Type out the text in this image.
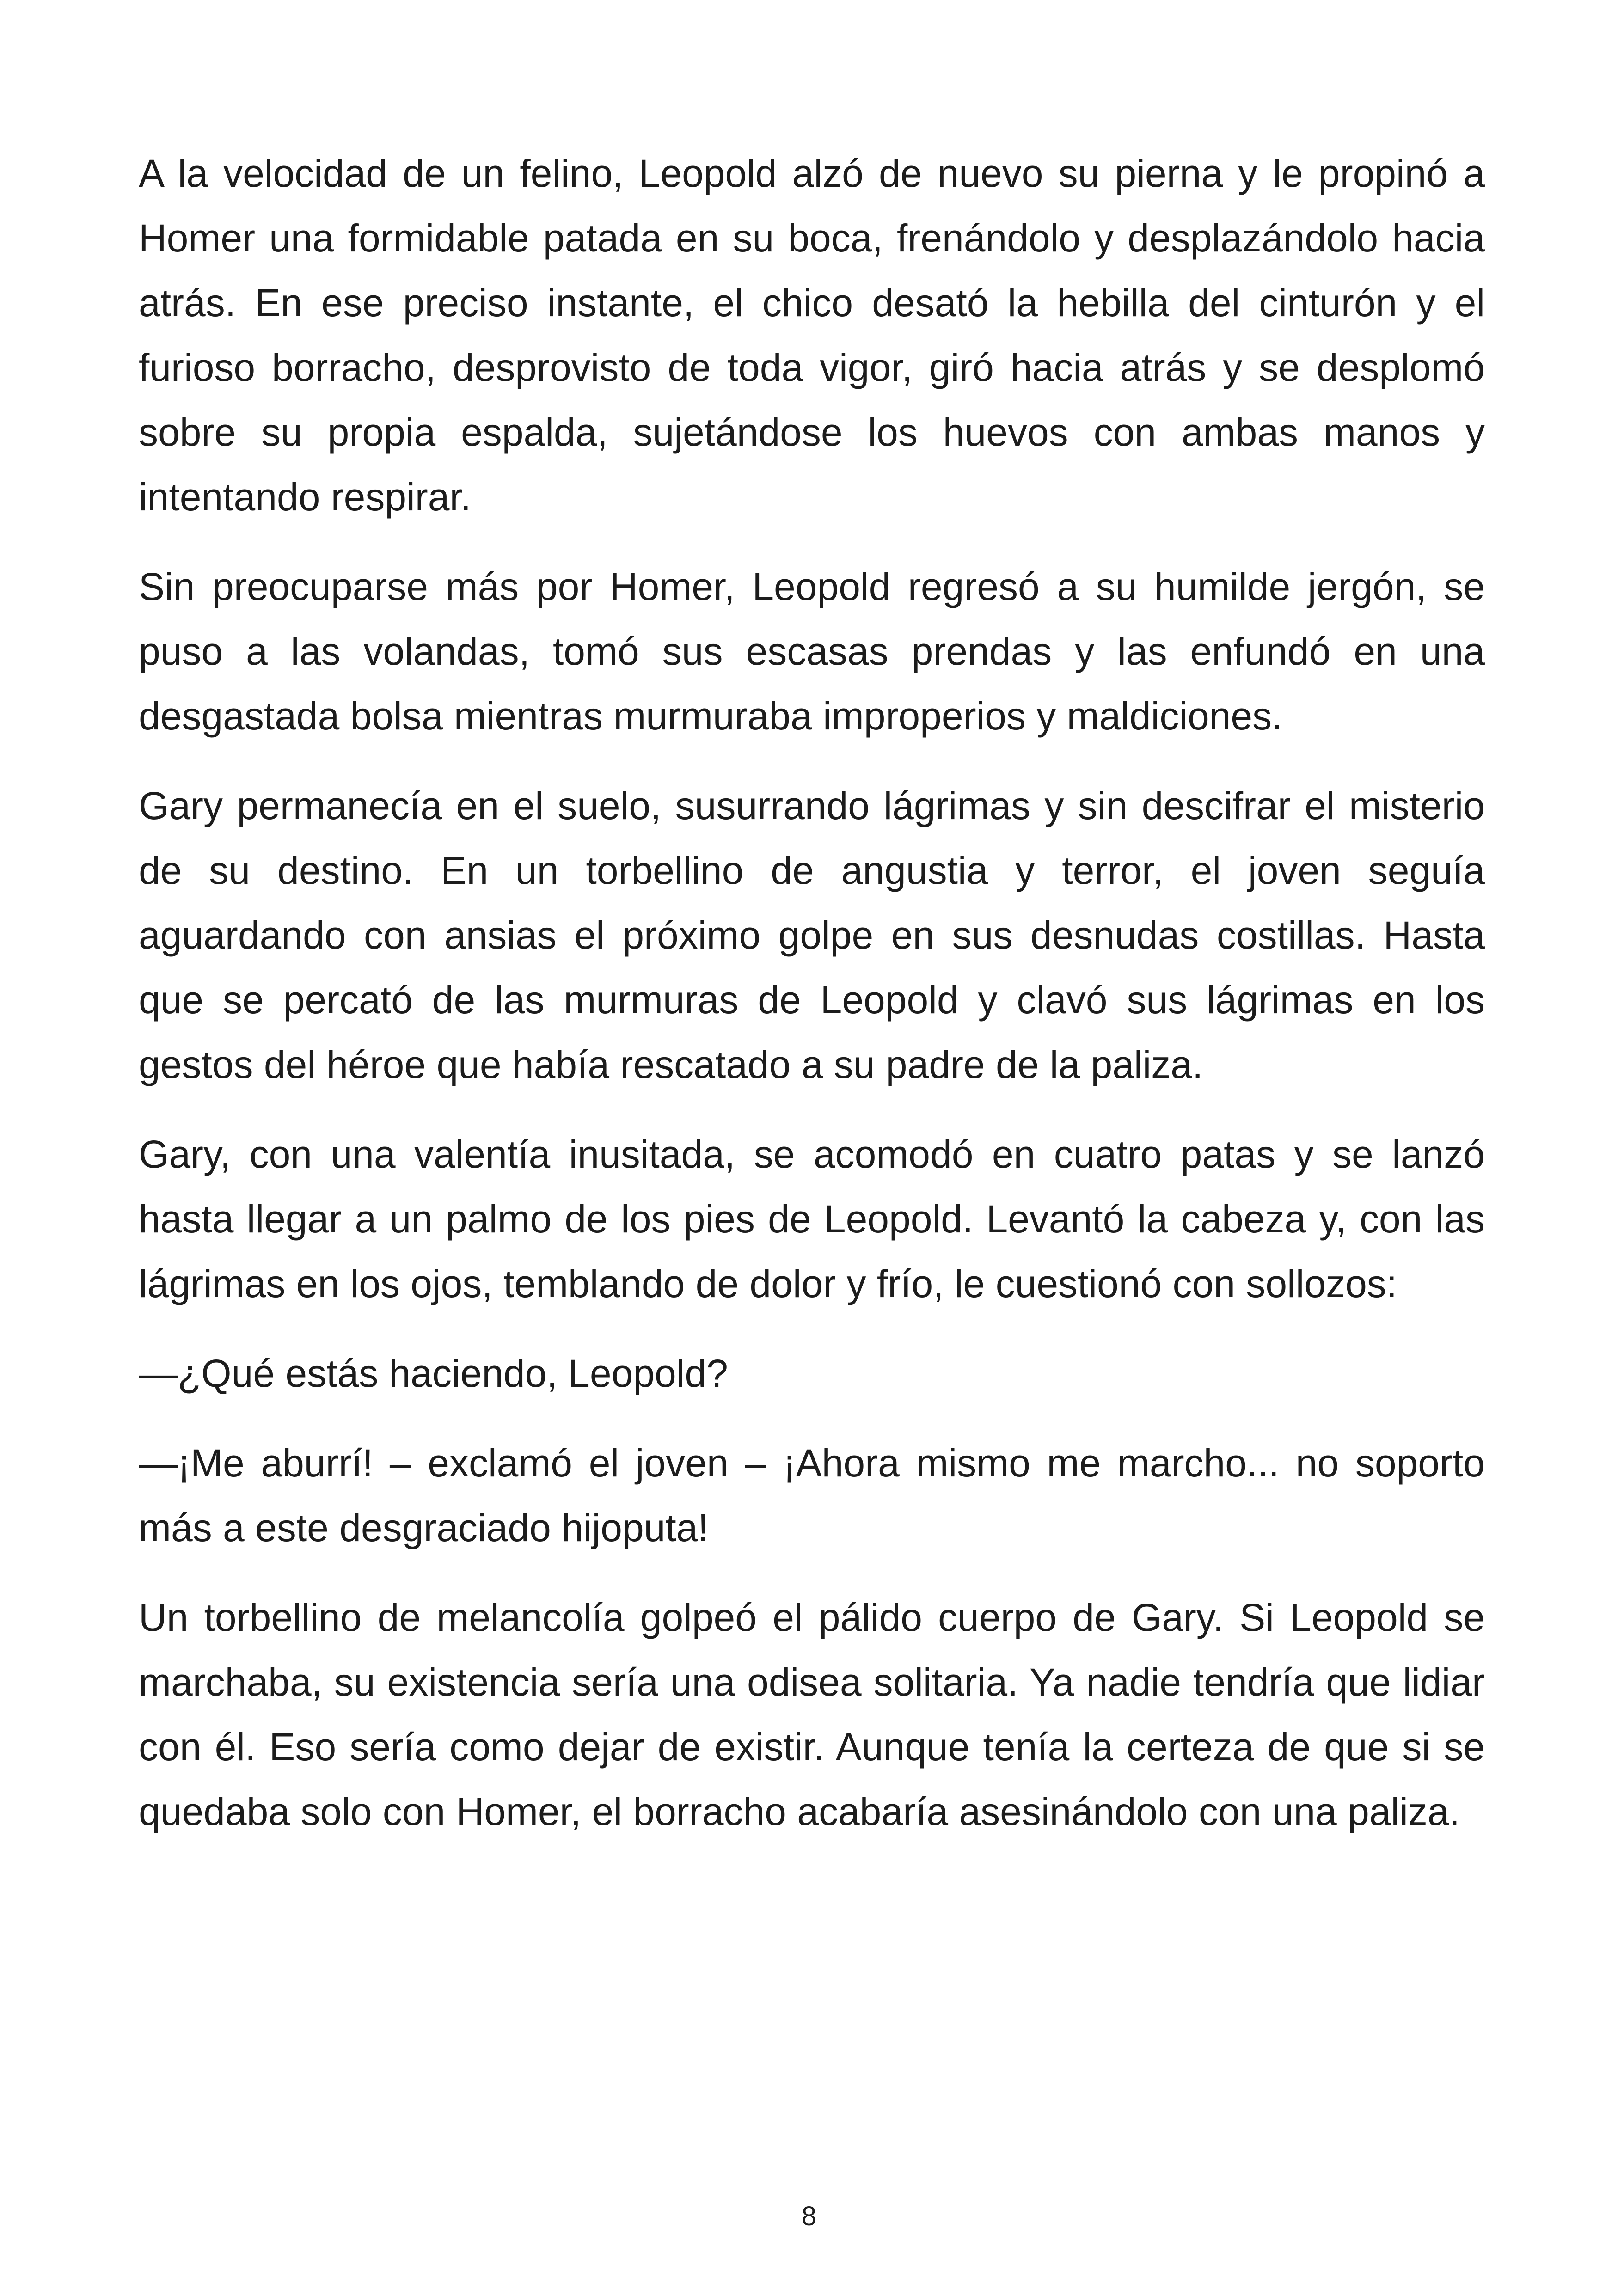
A la velocidad de un felino, Leopold alzó de nuevo su pierna y le propinó a Homer una formidable patada en su boca, frenándolo y desplazándolo hacia atrás. En ese preciso instante, el chico desató la hebilla del cinturón y el furioso borracho, desprovisto de toda vigor, giró hacia atrás y se desplomó sobre su propia espalda, sujetándose los huevos con ambas manos y intentando respirar.

Sin preocuparse más por Homer, Leopold regresó a su humilde jergón, se puso a las volandas, tomó sus escasas prendas y las enfundó en una desgastada bolsa mientras murmuraba improperios y maldiciones.

Gary permanecía en el suelo, susurrando lágrimas y sin descifrar el misterio de su destino. En un torbellino de angustia y terror, el joven seguía aguardando con ansias el próximo golpe en sus desnudas costillas. Hasta que se percató de las murmuras de Leopold y clavó sus lágrimas en los gestos del héroe que había rescatado a su padre de la paliza.

Gary, con una valentía inusitada, se acomodó en cuatro patas y se lanzó hasta llegar a un palmo de los pies de Leopold. Levantó la cabeza y, con las lágrimas en los ojos, temblando de dolor y frío, le cuestionó con sollozos:

—¿Qué estás haciendo, Leopold?

—¡Me aburrí! – exclamó el joven – ¡Ahora mismo me marcho... no soporto más a este desgraciado hijoputa!

Un torbellino de melancolía golpeó el pálido cuerpo de Gary. Si Leopold se marchaba, su existencia sería una odisea solitaria. Ya nadie tendría que lidiar con él. Eso sería como dejar de existir. Aunque tenía la certeza de que si se quedaba solo con Homer, el borracho acabaría asesinándolo con una paliza.

8
